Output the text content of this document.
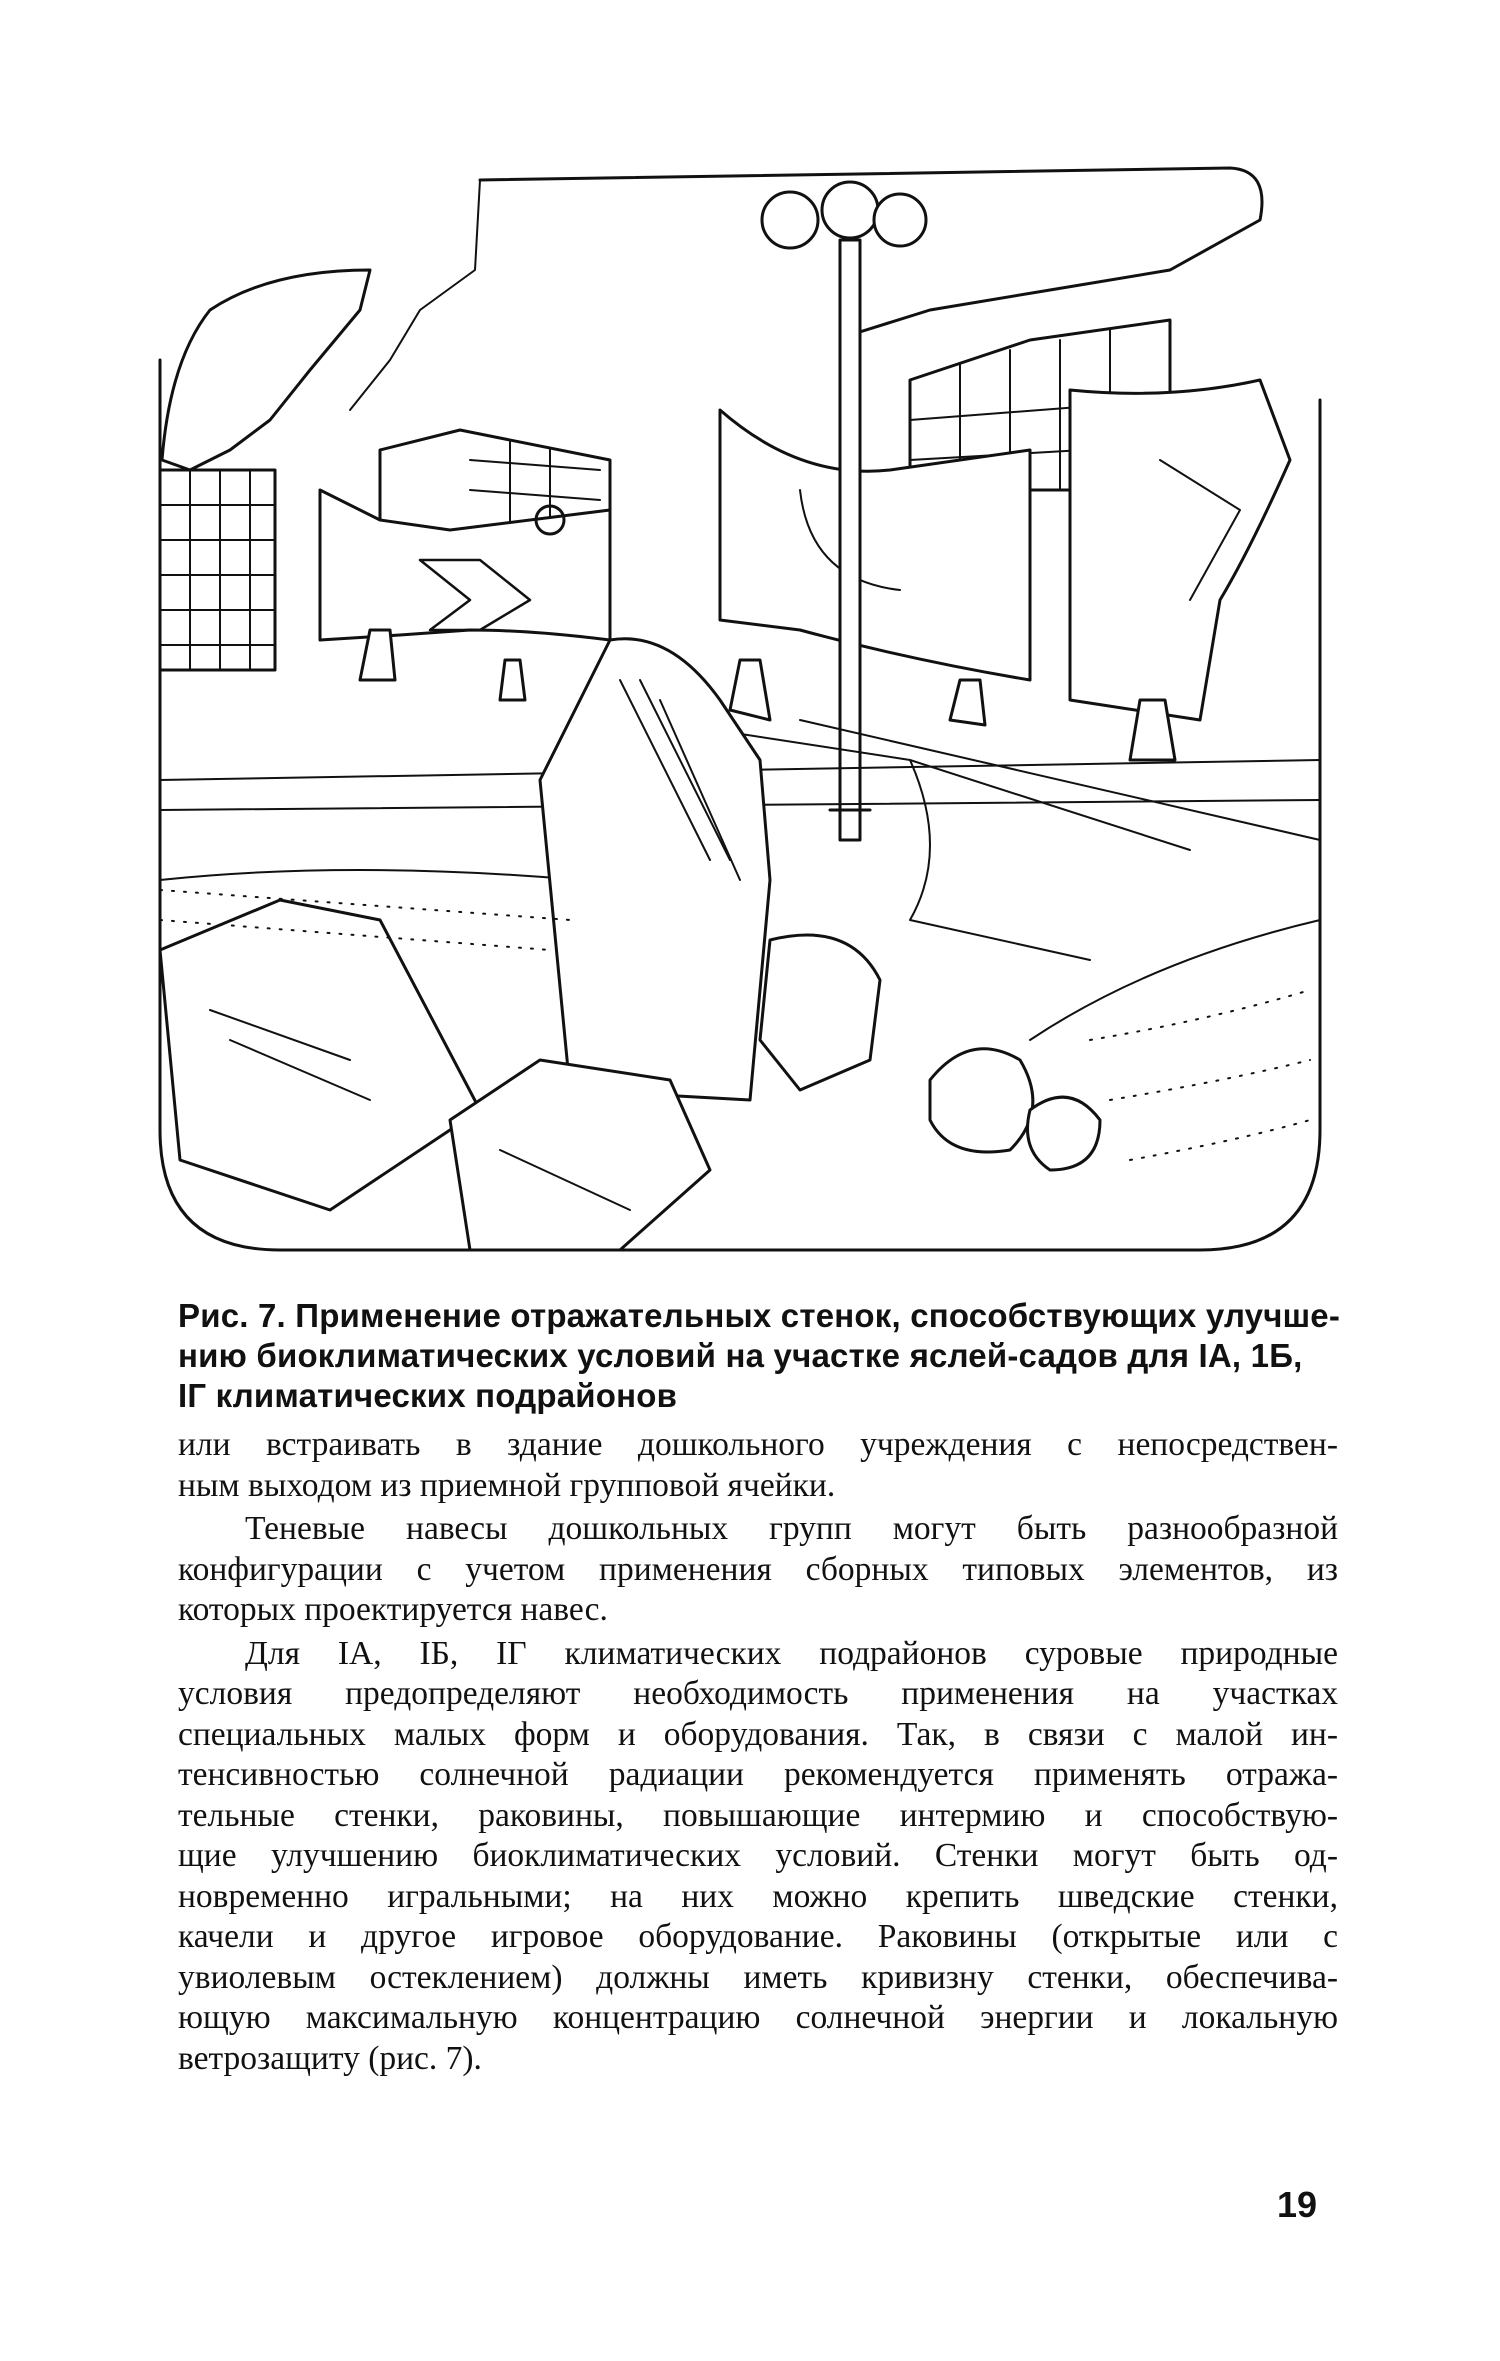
Рис. 7. Применение отражательных стенок, способствующих улучше-
нию биоклиматических условий на участке яслей-садов для IА, 1Б,
IГ климатических подрайонов
или встраивать в здание дошкольного учреждения с непосредствен-
ным выходом из приемной групповой ячейки.
Теневые навесы дошкольных групп могут быть разнообразной
конфигурации с учетом применения сборных типовых элементов, из
которых проектируется навес.
Для IА, IБ, IГ климатических подрайонов суровые природные
условия предопределяют необходимость применения на участках
специальных малых форм и оборудования. Так, в связи с малой ин-
тенсивностью солнечной радиации рекомендуется применять отража-
тельные стенки, раковины, повышающие интермию и способствую-
щие улучшению биоклиматических условий. Стенки могут быть од-
новременно игральными; на них можно крепить шведские стенки,
качели и другое игровое оборудование. Раковины (открытые или с
увиолевым остеклением) должны иметь кривизну стенки, обеспечива-
ющую максимальную концентрацию солнечной энергии и локальную
ветрозащиту (рис. 7).
19
